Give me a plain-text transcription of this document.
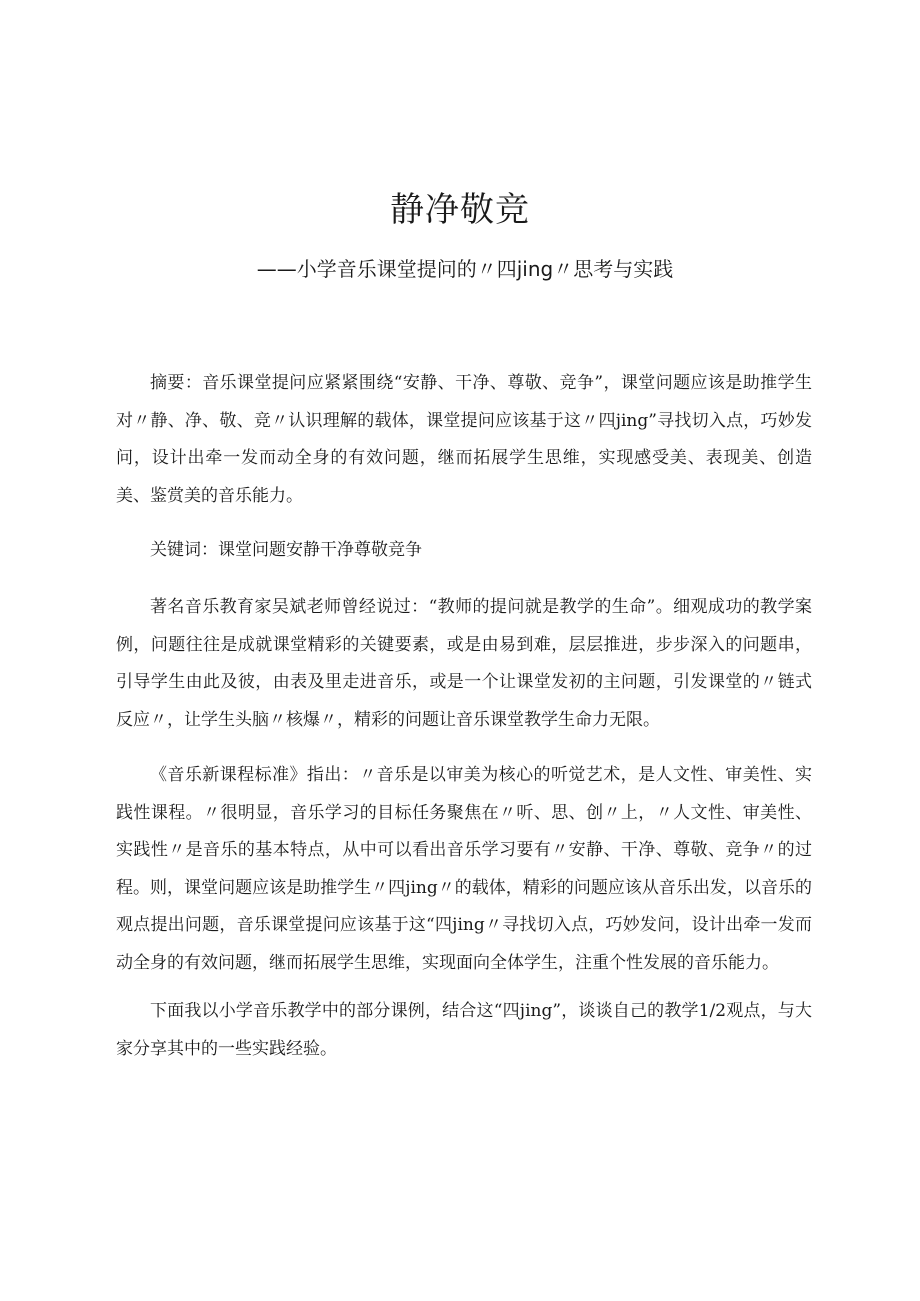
静净敬竞
——小学音乐课堂提问的〃四jing〃思考与实践

摘要：音乐课堂提问应紧紧围绕“安静、干净、尊敬、竞争”，课堂问题应该是助推学生对〃静、净、敬、竞〃认识理解的载体，课堂提问应该基于这〃四jing”寻找切入点，巧妙发问，设计出牵一发而动全身的有效问题，继而拓展学生思维，实现感受美、表现美、创造美、鉴赏美的音乐能力。

关键词：课堂问题安静干净尊敬竞争

著名音乐教育家吴斌老师曾经说过：“教师的提问就是教学的生命”。细观成功的教学案例，问题往往是成就课堂精彩的关键要素，或是由易到难，层层推进，步步深入的问题串，引导学生由此及彼，由表及里走进音乐，或是一个让课堂发初的主问题，引发课堂的〃链式反应〃，让学生头脑〃核爆〃，精彩的问题让音乐课堂教学生命力无限。

《音乐新课程标准》指出：〃音乐是以审美为核心的听觉艺术，是人文性、审美性、实践性课程。〃很明显，音乐学习的目标任务聚焦在〃听、思、创〃上，〃人文性、审美性、实践性〃是音乐的基本特点，从中可以看出音乐学习要有〃安静、干净、尊敬、竞争〃的过程。则，课堂问题应该是助推学生〃四jing〃的载体，精彩的问题应该从音乐出发，以音乐的观点提出问题，音乐课堂提问应该基于这“四jing〃寻找切入点，巧妙发问，设计出牵一发而动全身的有效问题，继而拓展学生思维，实现面向全体学生，注重个性发展的音乐能力。

下面我以小学音乐教学中的部分课例，结合这“四jing”，谈谈自己的教学1/2观点，与大家分享其中的一些实践经验。
